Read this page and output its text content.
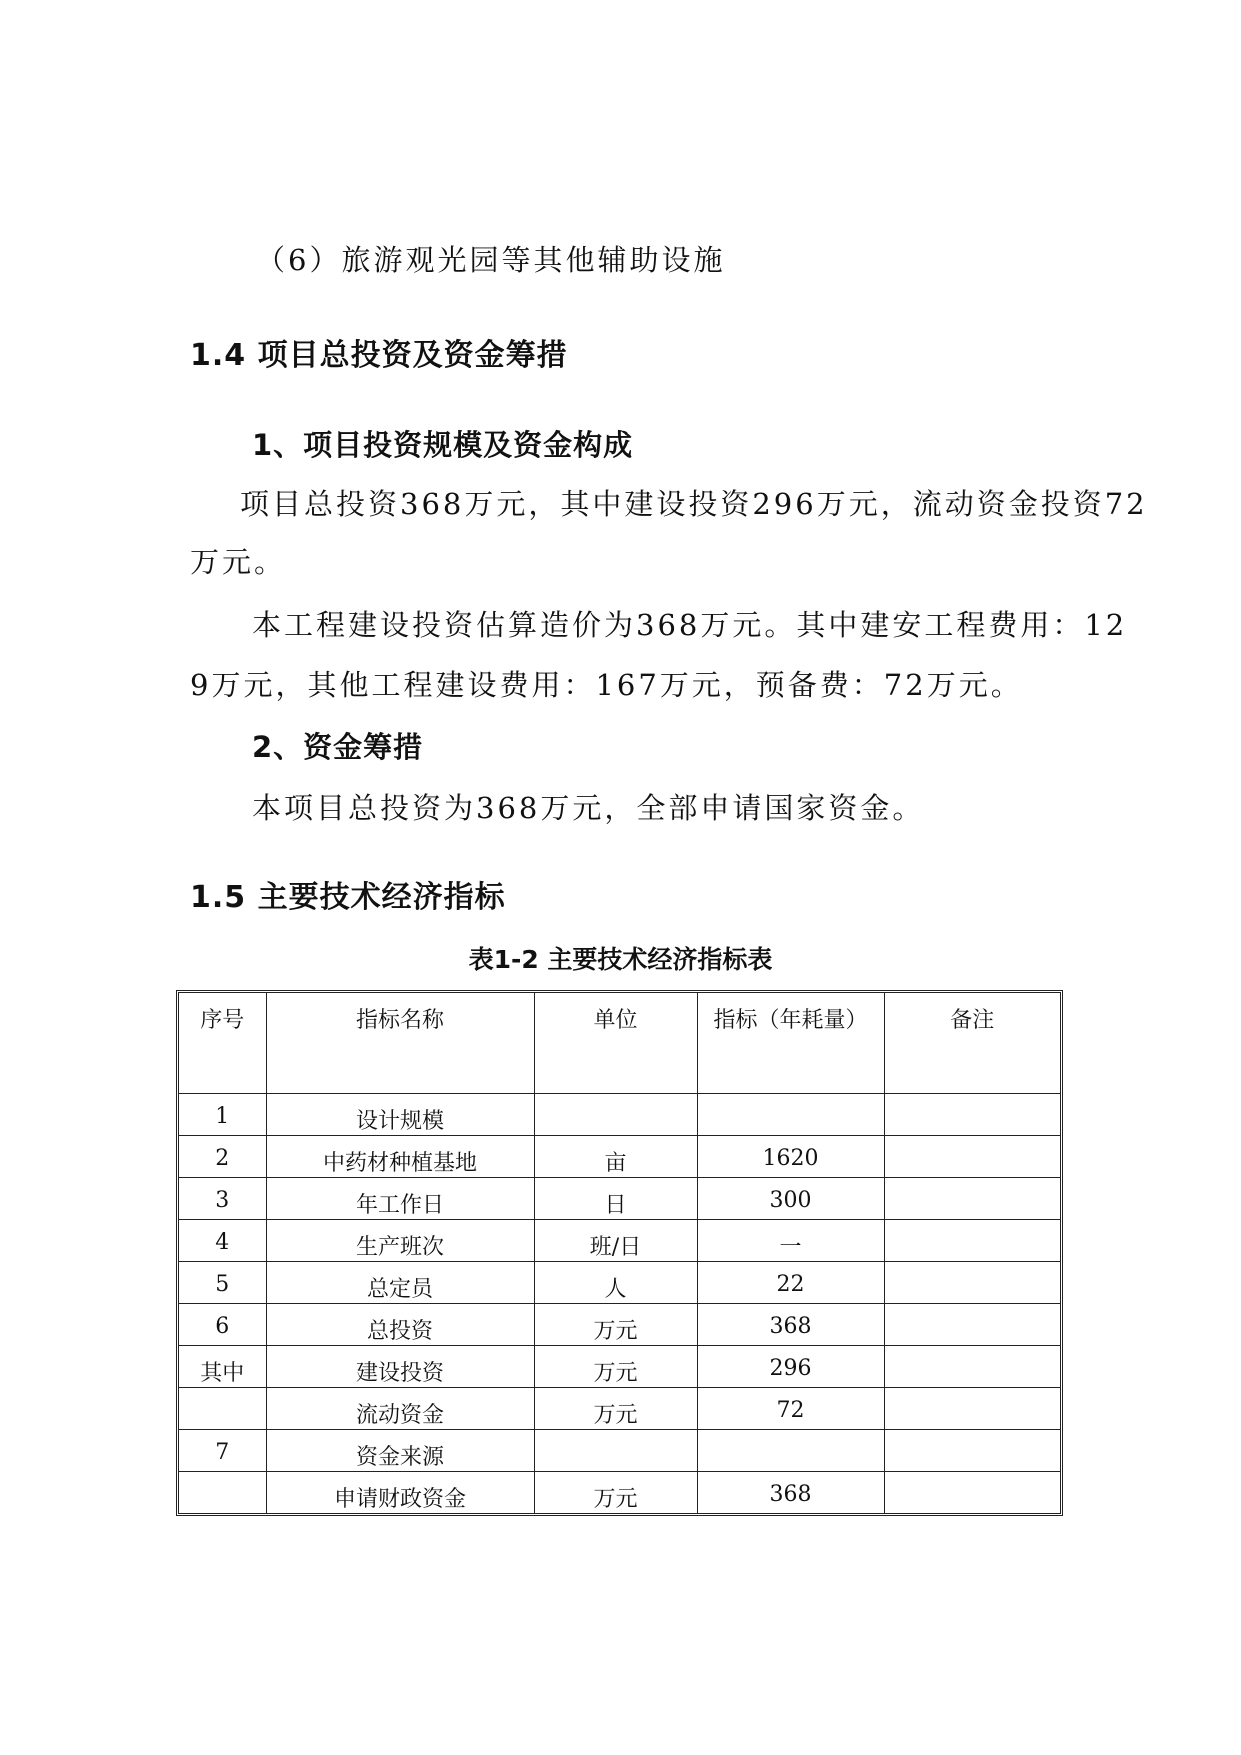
（6）旅游观光园等其他辅助设施
1.4 项目总投资及资金筹措
1、项目投资规模及资金构成
项目总投资368万元，其中建设投资296万元，流动资金投资72
万元。
本工程建设投资估算造价为368万元。其中建安工程费用：12
9万元，其他工程建设费用：167万元，预备费：72万元。
2、资金筹措
本项目总投资为368万元，全部申请国家资金。
1.5 主要技术经济指标
表1-2 主要技术经济指标表
序号	指标名称	单位	指标（年耗量）	备注
1	设计规模			
2	中药材种植基地	亩	1620	
3	年工作日	日	300	
4	生产班次	班/日	一	
5	总定员	人	22	
6	总投资	万元	368	
其中	建设投资	万元	296	
	流动资金	万元	72	
7	资金来源			
	申请财政资金	万元	368	
